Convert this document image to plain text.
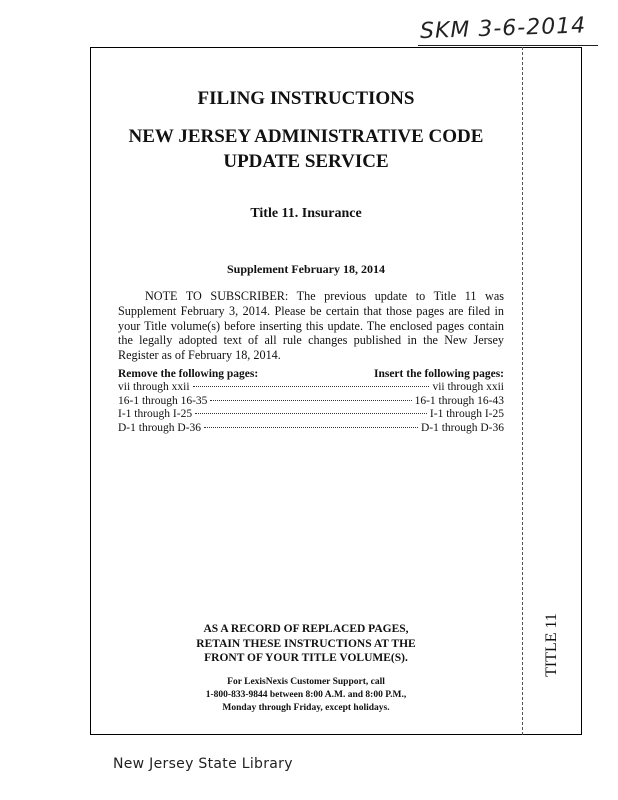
SKM 3-6-2014
FILING INSTRUCTIONS
NEW JERSEY ADMINISTRATIVE CODE
UPDATE SERVICE
Title 11. Insurance
Supplement February 18, 2014

NOTE TO SUBSCRIBER: The previous update to Title 11 was Supplement February 3, 2014. Please be certain that those pages are filed in your Title volume(s) before inserting this update. The enclosed pages contain the legally adopted text of all rule changes published in the New Jersey Register as of February 18, 2014.

Remove the following pages:	Insert the following pages:
vii through xxii	vii through xxii
16-1 through 16-35	16-1 through 16-43
I-1 through I-25	I-1 through I-25
D-1 through D-36	D-1 through D-36
AS A RECORD OF REPLACED PAGES,
RETAIN THESE INSTRUCTIONS AT THE
FRONT OF YOUR TITLE VOLUME(S).
For LexisNexis Customer Support, call
1-800-833-9844 between 8:00 A.M. and 8:00 P.M.,
Monday through Friday, except holidays.
TITLE 11
New Jersey State Library
